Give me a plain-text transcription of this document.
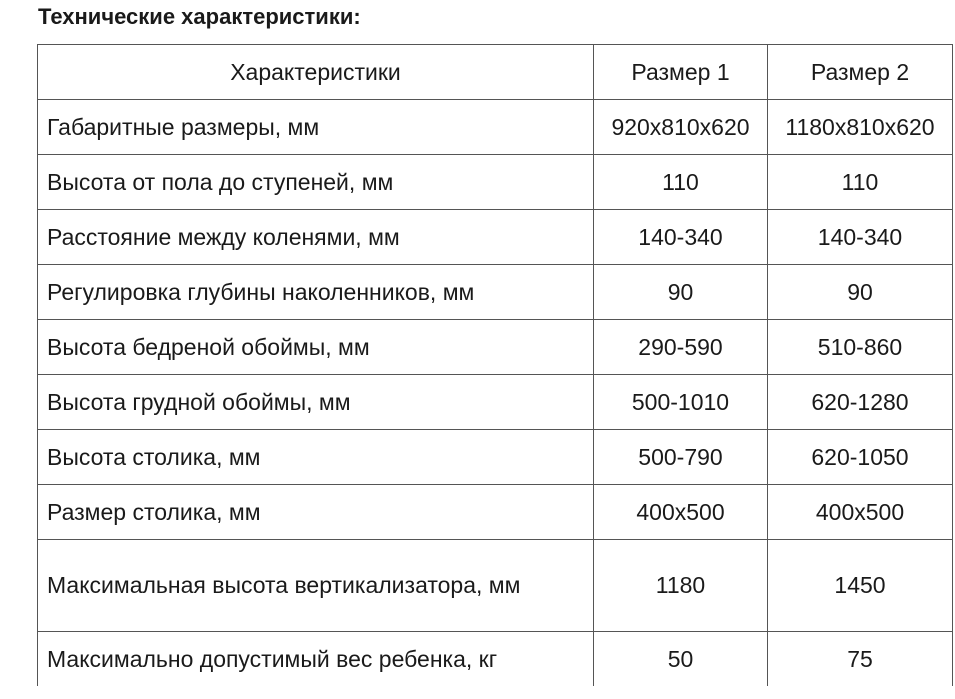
Технические характеристики:
Характеристики	Размер 1	Размер 2
Габаритные размеры, мм	920x810x620	1180x810x620
Высота от пола до ступеней, мм	110	110
Расстояние между коленями, мм	140-340	140-340
Регулировка глубины наколенников, мм	90	90
Высота бедреной обоймы, мм	290-590	510-860
Высота грудной обоймы, мм	500-1010	620-1280
Высота столика, мм	500-790	620-1050
Размер столика, мм	400x500	400x500
Максимальная высота вертикализатора, мм	1180	1450
Максимально допустимый вес ребенка, кг	50	75
